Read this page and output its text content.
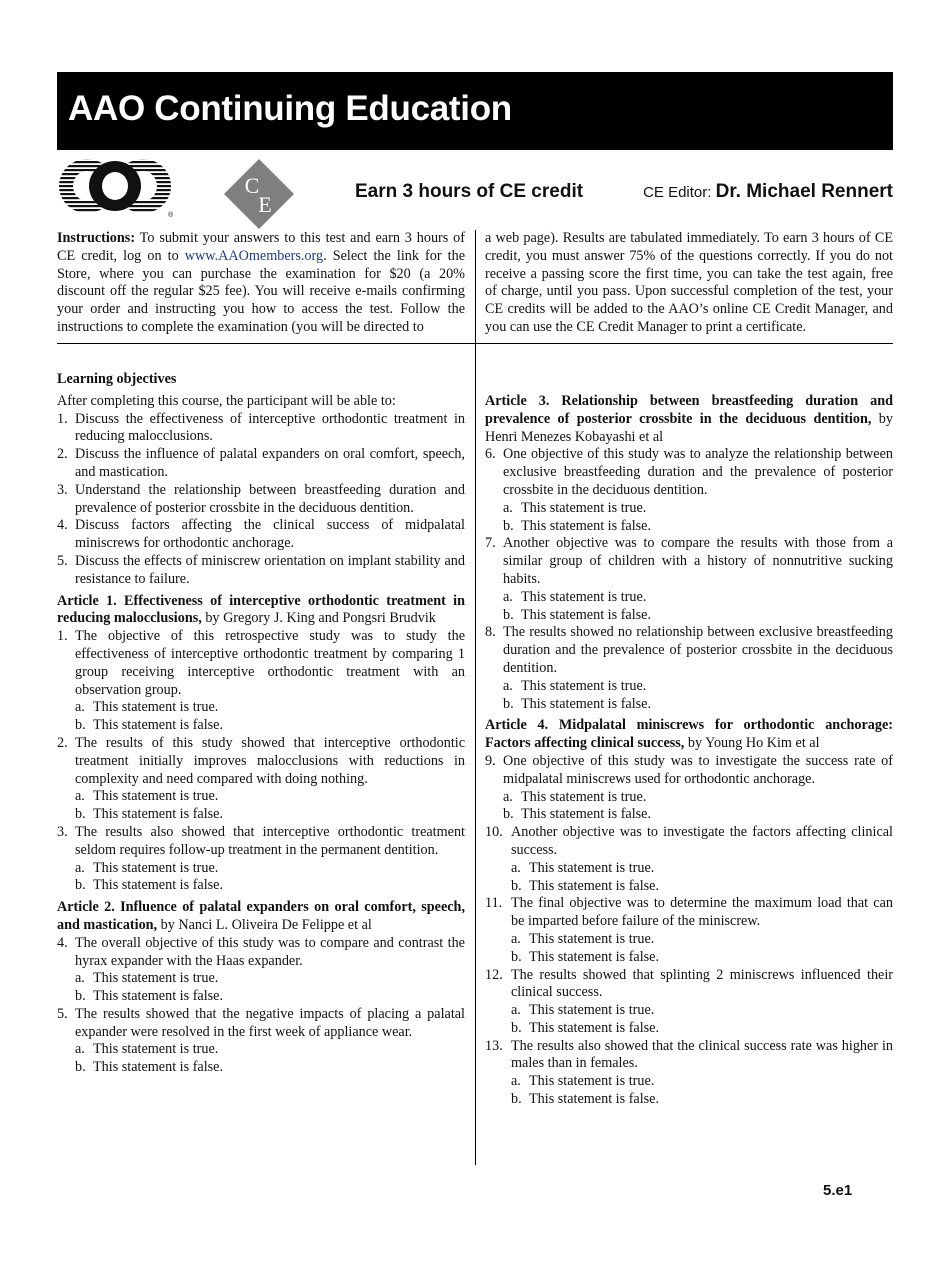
AAO Continuing Education
®
C
E
Earn 3 hours of CE credit	CE Editor: Dr. Michael Rennert
Instructions: To submit your answers to this test and earn 3 hours of CE credit, log on to www.AAOmembers.org. Select the link for the Store, where you can purchase the examination for $20 (a 20% discount off the regular $25 fee). You will receive e-mails confirming your order and instructing you how to access the test. Follow the instructions to complete the examination (you will be directed to
a web page). Results are tabulated immediately. To earn 3 hours of CE credit, you must answer 75% of the questions correctly. If you do not receive a passing score the first time, you can take the test again, free of charge, until you pass. Upon successful completion of the test, your CE credits will be added to the AAO’s online CE Credit Manager, and you can use the CE Credit Manager to print a certificate.

Learning objectives

After completing this course, the participant will be able to:

1. Discuss the effectiveness of interceptive orthodontic treatment in reducing malocclusions.

2. Discuss the influence of palatal expanders on oral comfort, speech, and mastication.

3. Understand the relationship between breastfeeding duration and prevalence of posterior crossbite in the deciduous dentition.

4. Discuss factors affecting the clinical success of midpalatal miniscrews for orthodontic anchorage.

5. Discuss the effects of miniscrew orientation on implant stability and resistance to failure.

Article 1. Effectiveness of interceptive orthodontic treatment in reducing malocclusions, by Gregory J. King and Pongsri Brudvik

1. The objective of this retrospective study was to study the effectiveness of interceptive orthodontic treatment by comparing 1 group receiving interceptive orthodontic treatment with an observation group.

a. This statement is true.

b. This statement is false.

2. The results of this study showed that interceptive orthodontic treatment initially improves malocclusions with reductions in complexity and need compared with doing nothing.

a. This statement is true.

b. This statement is false.

3. The results also showed that interceptive orthodontic treatment seldom requires follow-up treatment in the permanent dentition.

a. This statement is true.

b. This statement is false.

Article 2. Influence of palatal expanders on oral comfort, speech, and mastication, by Nanci L. Oliveira De Felippe et al

4. The overall objective of this study was to compare and contrast the hyrax expander with the Haas expander.

a. This statement is true.

b. This statement is false.

5. The results showed that the negative impacts of placing a palatal expander were resolved in the first week of appliance wear.

a. This statement is true.

b. This statement is false.

Article 3. Relationship between breastfeeding duration and prevalence of posterior crossbite in the deciduous dentition, by Henri Menezes Kobayashi et al

6. One objective of this study was to analyze the relationship between exclusive breastfeeding duration and the prevalence of posterior crossbite in the deciduous dentition.

a. This statement is true.

b. This statement is false.

7. Another objective was to compare the results with those from a similar group of children with a history of nonnutritive sucking habits.

a. This statement is true.

b. This statement is false.

8. The results showed no relationship between exclusive breastfeeding duration and the prevalence of posterior crossbite in the deciduous dentition.

a. This statement is true.

b. This statement is false.

Article 4. Midpalatal miniscrews for orthodontic anchorage: Factors affecting clinical success, by Young Ho Kim et al

9. One objective of this study was to investigate the success rate of midpalatal miniscrews used for orthodontic anchorage.

a. This statement is true.

b. This statement is false.

10. Another objective was to investigate the factors affecting clinical success.

a. This statement is true.

b. This statement is false.

11. The final objective was to determine the maximum load that can be imparted before failure of the miniscrew.

a. This statement is true.

b. This statement is false.

12. The results showed that splinting 2 miniscrews influenced their clinical success.

a. This statement is true.

b. This statement is false.

13. The results also showed that the clinical success rate was higher in males than in females.

a. This statement is true.

b. This statement is false.

5.e1
